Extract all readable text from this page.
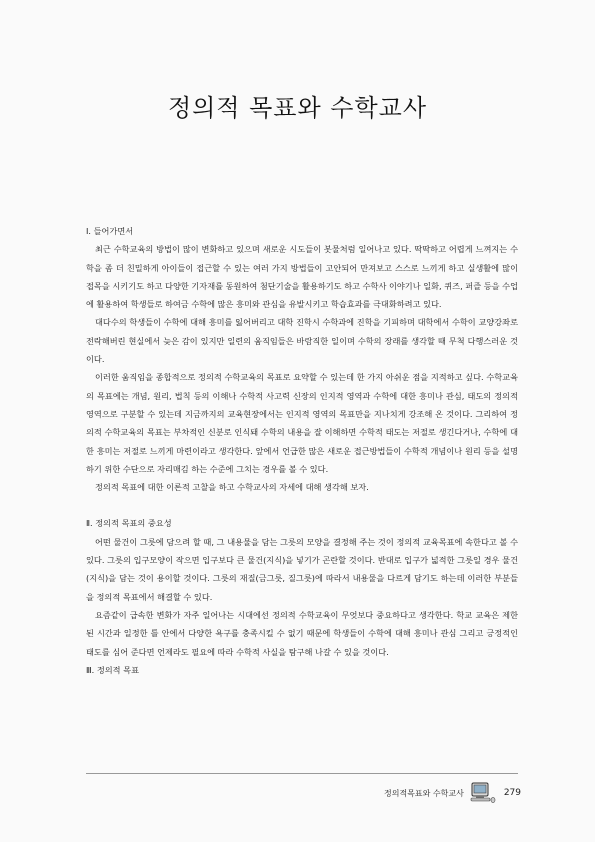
정의적 목표와 수학교사

Ⅰ. 들어가면서

최근 수학교육의 방법이 많이 변화하고 있으며 새로운 시도들이 봇물처럼 일어나고 있다. 딱딱하고 어렵게 느껴지는 수학을 좀 더 친밀하게 아이들이 접근할 수 있는 여러 가지 방법들이 고안되어 만져보고 스스로 느끼게 하고 실생활에 많이 접목을 시키기도 하고 다양한 기자재를 동원하여 첨단기술을 활용하기도 하고 수학사 이야기나 일화, 퀴즈, 퍼즐 등을 수업에 활용하여 학생들로 하여금 수학에 많은 흥미와 관심을 유발시키고 학습효과를 극대화하려고 있다.

대다수의 학생들이 수학에 대해 흥미를 잃어버리고 대학 진학시 수학과에 진학을 기피하며 대학에서 수학이 교양강좌로 전락해버린 현실에서 늦은 감이 있지만 일련의 움직임들은 바람직한 일이며 수학의 장래를 생각할 때 무척 다행스러운 것이다.

이러한 움직임을 종합적으로 정의적 수학교육의 목표로 요약할 수 있는데 한 가지 아쉬운 점을 지적하고 싶다. 수학교육의 목표에는 개념, 원리, 법칙 등의 이해나 수학적 사고력 신장의 인지적 영역과 수학에 대한 흥미나 관심, 태도의 정의적 영역으로 구분할 수 있는데 지금까지의 교육현장에서는 인지적 영역의 목표만을 지나치게 강조해 온 것이다. 그리하여 정의적 수학교육의 목표는 부차적인 신분로 인식돼 수학의 내용을 잘 이해하면 수학적 태도는 저절로 생긴다거나, 수학에 대한 흥미는 저절로 느끼게 마련이라고 생각한다. 앞에서 언급한 많은 새로운 접근방법들이 수학적 개념이나 원리 등을 설명하기 위한 수단으로 자리매김 하는 수준에 그치는 경우를 볼 수 있다.

정의적 목표에 대한 이론적 고찰을 하고 수학교사의 자세에 대해 생각해 보자.

Ⅱ. 정의적 목표의 중요성

어떤 물건이 그릇에 담으려 할 때, 그 내용물을 담는 그릇의 모양을 결정해 주는 것이 정의적 교육목표에 속한다고 볼 수 있다. 그릇의 입구모양이 작으면 입구보다 큰 물건(지식)을 넣기가 곤란할 것이다. 반대로 입구가 넓적한 그릇일 경우 물건(지식)을 담는 것이 용이할 것이다. 그릇의 재질(금그릇, 질그릇)에 따라서 내용물을 다르게 담기도 하는데 이러한 부분들을 정의적 목표에서 해결할 수 있다.

요즘같이 급속한 변화가 자주 일어나는 시대에선 정의적 수학교육이 무엇보다 중요하다고 생각한다. 학교 교육은 제한된 시간과 일정한 틀 안에서 다양한 욕구를 충족시킬 수 없기 때문에 학생들이 수학에 대해 흥미나 관심 그리고 긍정적인 태도를 심어 준다면 언제라도 필요에 따라 수학적 사실을 탐구해 나갈 수 있을 것이다.

Ⅲ. 정의적 목표

정의적목표와 수학교사	279
